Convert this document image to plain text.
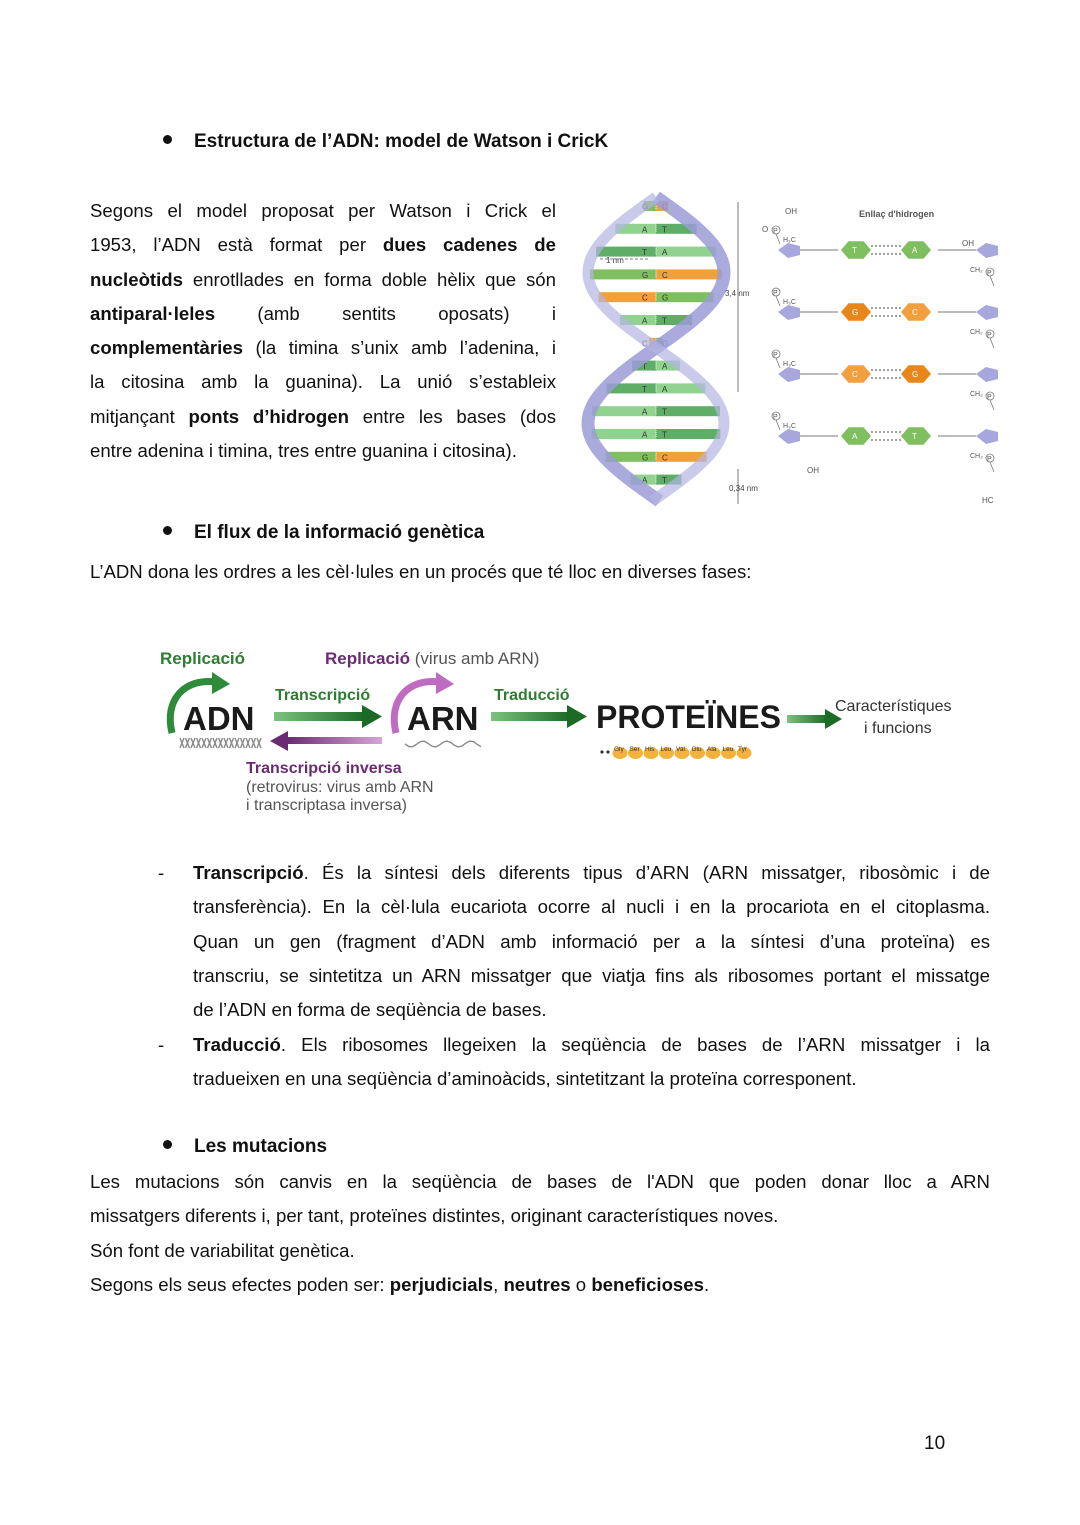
Estructura de l’ADN: model de Watson i CricK
Segons el model proposat per Watson i Crick el
1953, l’ADN està format per dues cadenes de
nucleòtids enrotllades en forma doble hèlix que són
antiparal·leles (amb sentits oposats) i
complementàries (la timina s’unix amb l’adenina, i
la citosina amb la guanina). La unió s’estableix
mitjançant ponts d’hidrogen entre les bases (dos
entre adenina i timina, tres entre guanina i citosina).
G C
A T
T A
G C
C G
A T
C G
T A
T A
A T
A T
G C
A T
1 nm
3,4 nm
0,34 nm
Enllaç d'hidrogen
T	A
P
P
H₃C
CH₂
G	C
P
P
H₃C
CH₂
C	G
P
P
H₃C
CH₂
A	T
P
P
H₃C
CH₂
OH
OH
OH
HC
O
El flux de la informació genètica
L’ADN dona les ordres a les cèl·lules en un procés que té lloc en diverses fases:
Replicació	Replicació (virus amb ARN)
ADN
Transcripció
ARN
Traducció
PROTEÏNES
Gly Ser His Leu Val Glu Ala Leu Tyr
Característiques
i funcions
Transcripció inversa
(retrovirus: virus amb ARN
i transcriptasa inversa)
- Transcripció. És la síntesi dels diferents tipus d’ARN (ARN missatger, ribosòmic i de
transferència). En la cèl·lula eucariota ocorre al nucli i en la procariota en el citoplasma.
Quan un gen (fragment d’ADN amb informació per a la síntesi d’una proteïna) es
transcriu, se sintetitza un ARN missatger que viatja fins als ribosomes portant el missatge
de l’ADN en forma de seqüència de bases.
- Traducció. Els ribosomes llegeixen la seqüència de bases de l’ARN missatger i la
tradueixen en una seqüència d’aminoàcids, sintetitzant la proteïna corresponent.
Les mutacions
Les mutacions són canvis en la seqüència de bases de l'ADN que poden donar lloc a ARN
missatgers diferents i, per tant, proteïnes distintes, originant característiques noves.
Són font de variabilitat genètica.
Segons els seus efectes poden ser: perjudicials, neutres o beneficioses.
10
